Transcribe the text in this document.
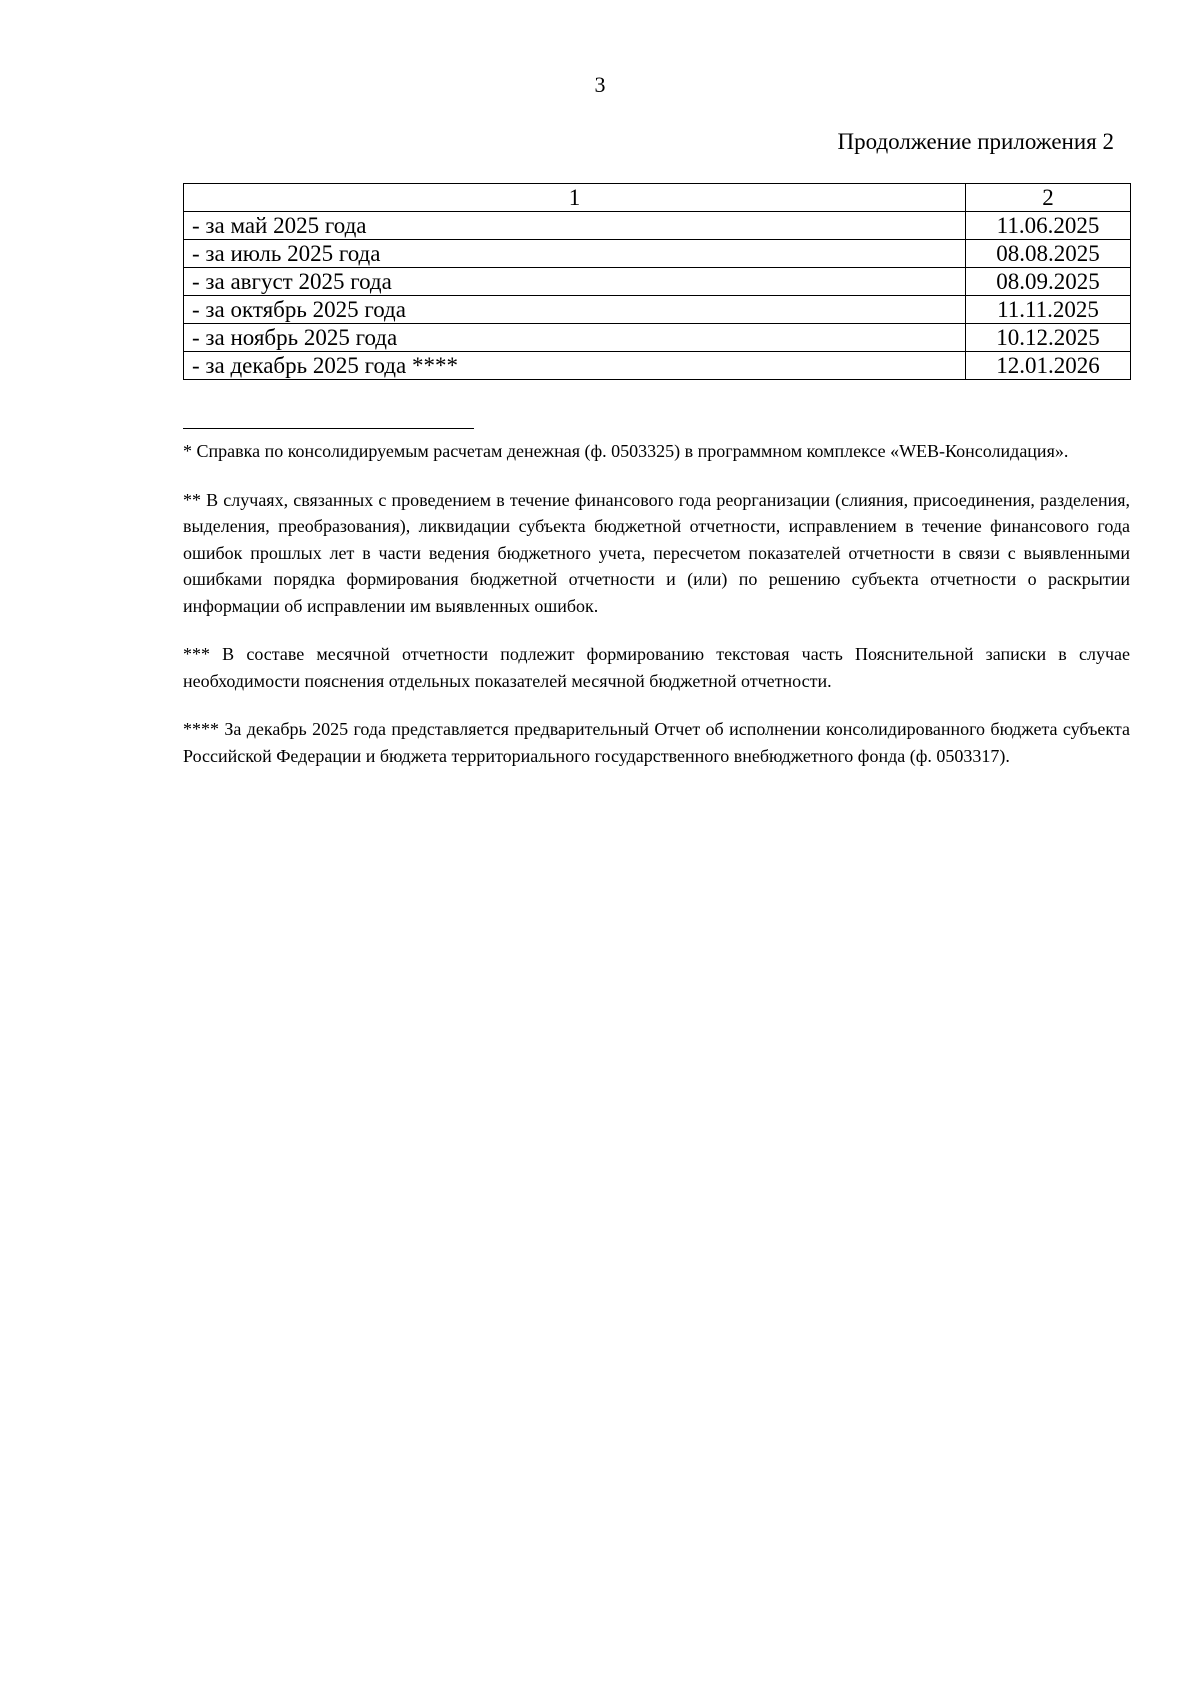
3
Продолжение приложения 2
1	2
- за май 2025 года	11.06.2025
- за июль 2025 года	08.08.2025
- за август 2025 года	08.09.2025
- за октябрь 2025 года	11.11.2025
- за ноябрь 2025 года	10.12.2025
- за декабрь 2025 года ****	12.01.2026

* Справка по консолидируемым расчетам денежная (ф. 0503325) в программном комплексе «WEB-Консолидация».

** В случаях, связанных с проведением в течение финансового года реорганизации (слияния, присоединения, разделения, выделения, преобразования), ликвидации субъекта бюджетной отчетности, исправлением в течение финансового года ошибок прошлых лет в части ведения бюджетного учета, пересчетом показателей отчетности в связи с выявленными ошибками порядка формирования бюджетной отчетности и (или) по решению субъекта отчетности о раскрытии информации об исправлении им выявленных ошибок.

*** В составе месячной отчетности подлежит формированию текстовая часть Пояснительной записки в случае необходимости пояснения отдельных показателей месячной бюджетной отчетности.

**** За декабрь 2025 года представляется предварительный Отчет об исполнении консолидированного бюджета субъекта Российской Федерации и бюджета территориального государственного внебюджетного фонда (ф. 0503317).
